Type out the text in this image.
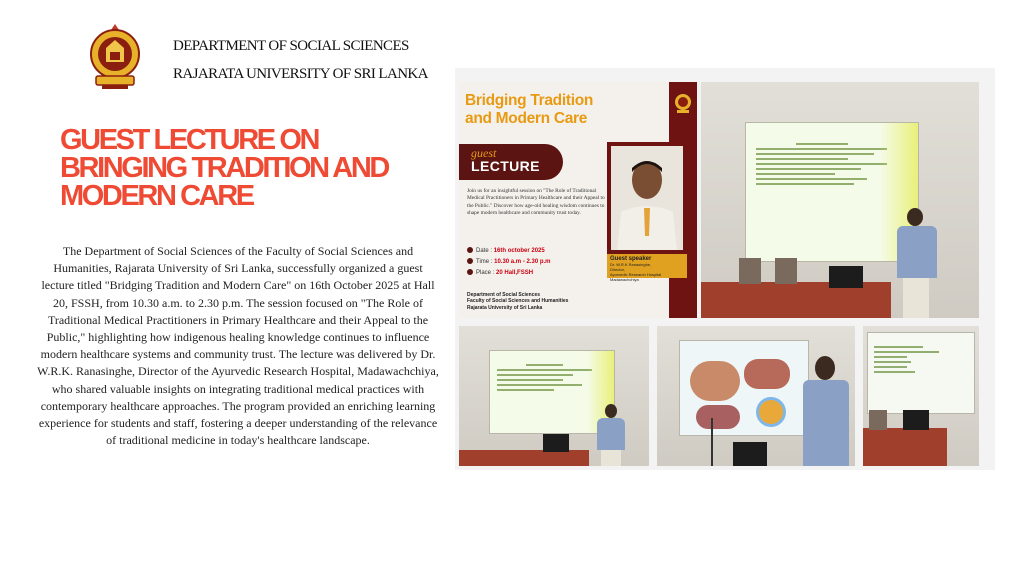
DEPARTMENT OF SOCIAL SCIENCES
RAJARATA UNIVERSITY OF SRI LANKA
GUEST LECTURE ON
BRINGING TRADITION AND
MODERN CARE

The Department of Social Sciences of the Faculty of Social Sciences and Humanities, Rajarata University of Sri Lanka, successfully organized a guest lecture titled "Bridging Tradition and Modern Care" on 16th October 2025 at Hall 20, FSSH, from 10.30 a.m. to 2.30 p.m. The session focused on "The Role of Traditional Medical Practitioners in Primary Healthcare and their Appeal to the Public," highlighting how indigenous healing knowledge continues to influence modern healthcare systems and community trust. The lecture was delivered by Dr. W.R.K. Ranasinghe, Director of the Ayurvedic Research Hospital, Madawachchiya, who shared valuable insights on integrating traditional medical practices with contemporary healthcare approaches. The program provided an enriching learning experience for students and staff, fostering a deeper understanding of the relevance of traditional medicine in today's healthcare landscape.

Bridging Tradition
and Modern Care
guest
LECTURE
Join us for an insightful session on "The Role of Traditional Medical Practitioners in Primary Healthcare and their Appeal to the Public." Discover how age-old healing wisdom continues to shape modern healthcare and community trust today.
Date : 16th october 2025
Time : 10.30 a.m - 2.30 p.m
Place : 20 Hall,FSSH
Department of Social Sciences
Faculty of Social Sciences and Humanities
Rajarata University of Sri Lanka
Guest speaker
Dr. W.R.K Ranasinghe,
Director,
Ayurvedic Research Hospital Madawachchiya
